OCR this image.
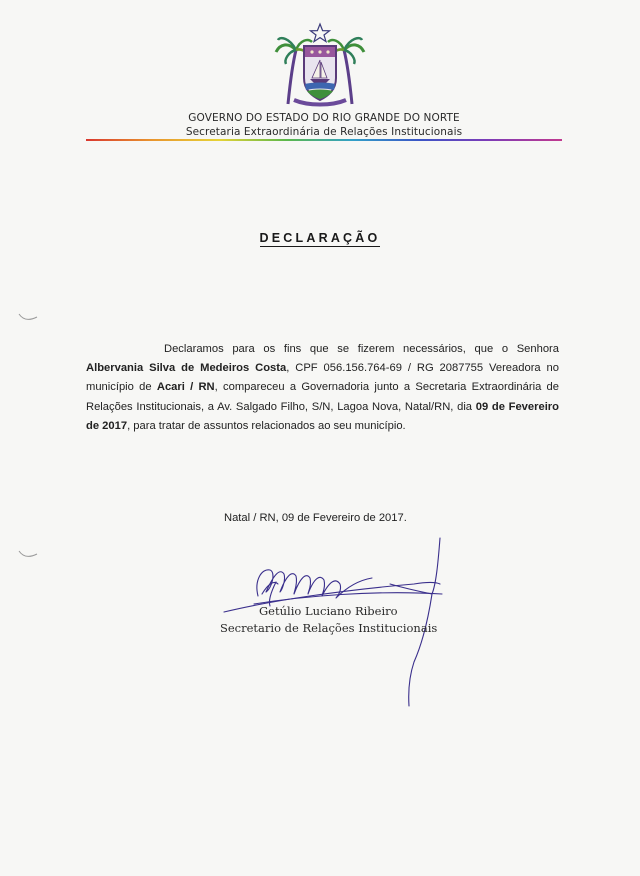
GOVERNO DO ESTADO DO RIO GRANDE DO NORTE
Secretaria Extraordinária de Relações Institucionais
DECLARAÇÃO
Declaramos para os fins que se fizerem necessários, que o Senhora Albervania Silva de Medeiros Costa, CPF 056.156.764-69 / RG 2087755 Vereadora no município de Acari / RN, compareceu a Governadoria junto a Secretaria Extraordinária de Relações Institucionais, a Av. Salgado Filho, S/N, Lagoa Nova, Natal/RN, dia 09 de Fevereiro de 2017, para tratar de assuntos relacionados ao seu município.
Natal / RN, 09 de Fevereiro de 2017.
Getúlio Luciano Ribeiro
Secretario de Relações Institucionais
